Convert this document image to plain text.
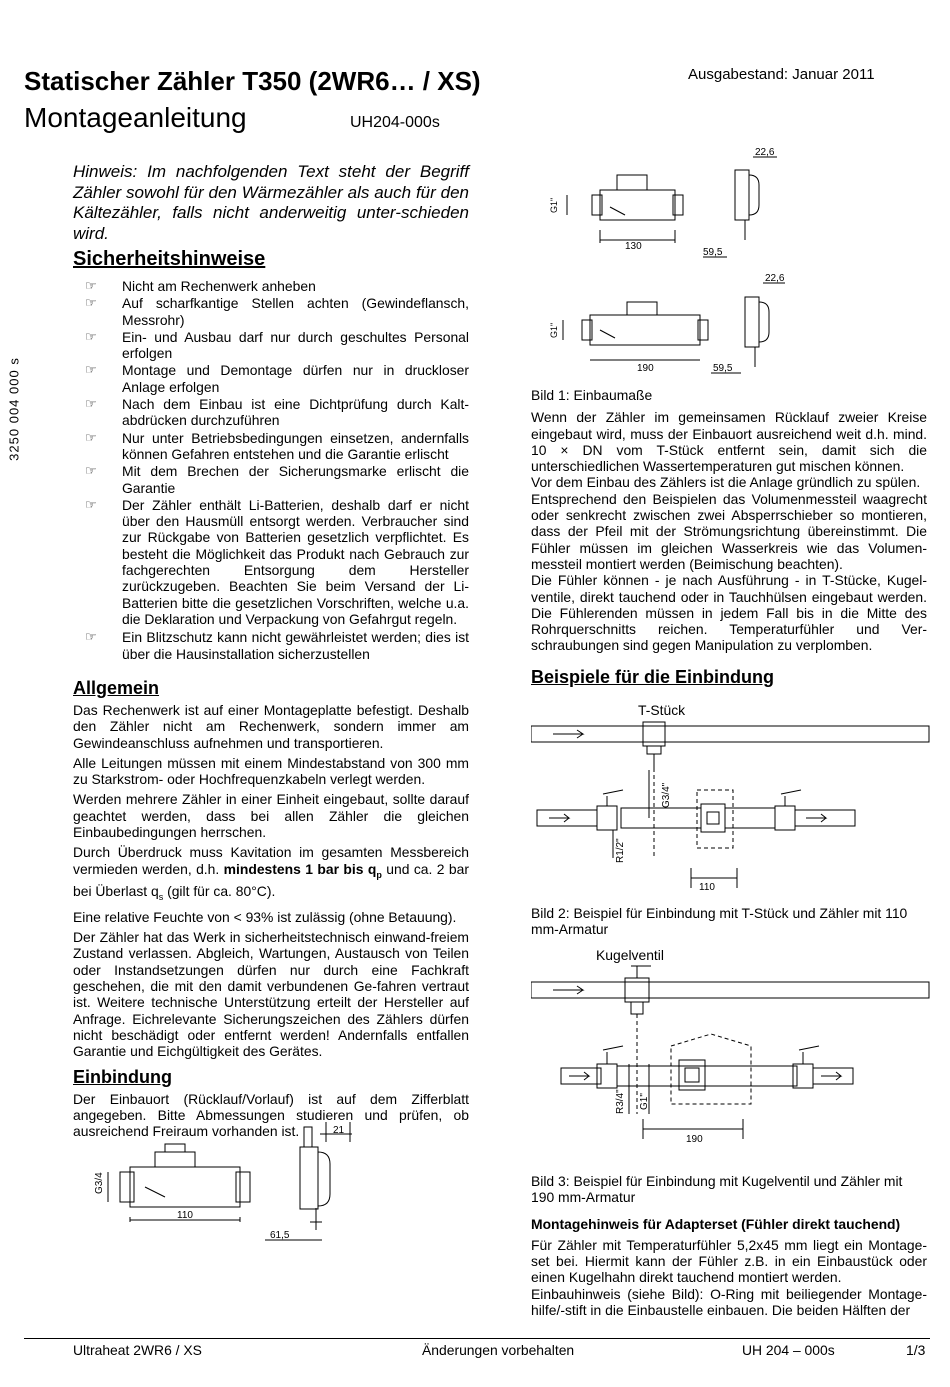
Statischer Zähler T350 (2WR6… / XS)
Montageanleitung	UH204-000s
Ausgabestand: Januar 2011
3250 004 000 s

Hinweis: Im nachfolgenden Text steht der Begriff Zähler sowohl für den Wärmezähler als auch für den Kältezähler, falls nicht anderweitig unter-schieden wird.

Sicherheitshinweise
☞ Nicht am Rechenwerk anheben
☞ Auf scharfkantige Stellen achten (Gewindeflansch, Messrohr)
☞ Ein- und Ausbau darf nur durch geschultes Personal erfolgen
☞ Montage und Demontage dürfen nur in druckloser Anlage erfolgen
☞ Nach dem Einbau ist eine Dichtprüfung durch Kalt-abdrücken durchzuführen
☞ Nur unter Betriebsbedingungen einsetzen, andernfalls können Gefahren entstehen und die Garantie erlischt
☞ Mit dem Brechen der Sicherungsmarke erlischt die Garantie
☞ Der Zähler enthält Li-Batterien, deshalb darf er nicht über den Hausmüll entsorgt werden. Verbraucher sind zur Rückgabe von Batterien gesetzlich verpflichtet. Es besteht die Möglichkeit das Produkt nach Gebrauch zur fachgerechten Entsorgung dem Hersteller zurückzugeben. Beachten Sie beim Versand der Li-Batterien bitte die gesetzlichen Vorschriften, welche u.a. die Deklaration und Verpackung von Gefahrgut regeln.
☞ Ein Blitzschutz kann nicht gewährleistet werden; dies ist über die Hausinstallation sicherzustellen
Allgemein

Das Rechenwerk ist auf einer Montageplatte befestigt. Deshalb den Zähler nicht am Rechenwerk, sondern immer am Gewindeanschluss aufnehmen und transportieren.

Alle Leitungen müssen mit einem Mindestabstand von 300 mm zu Starkstrom- oder Hochfrequenzkabeln verlegt werden.

Werden mehrere Zähler in einer Einheit eingebaut, sollte darauf geachtet werden, dass bei allen Zähler die gleichen Einbaubedingungen herrschen.

Durch Überdruck muss Kavitation im gesamten Messbereich vermieden werden, d.h. mindestens 1 bar bis $q_p$ und ca. 2 bar bei Überlast $q_s$ (gilt für ca. 80°C).

Eine relative Feuchte von < 93% ist zulässig (ohne Betauung).

Der Zähler hat das Werk in sicherheitstechnisch einwand-freiem Zustand verlassen. Abgleich, Wartungen, Austausch von Teilen oder Instandsetzungen dürfen nur durch eine Fachkraft geschehen, die mit den damit verbundenen Ge-fahren vertraut ist. Weitere technische Unterstützung erteilt der Hersteller auf Anfrage. Eichrelevante Sicherungszeichen des Zählers dürfen nicht beschädigt oder entfernt werden! Andernfalls entfallen Garantie und Eichgültigkeit des Gerätes.

Einbindung

Der Einbauort (Rücklauf/Vorlauf) ist auf dem Zifferblatt angegeben. Bitte Abmessungen studieren und prüfen, ob ausreichend Freiraum vorhanden ist.

110
G3/4
61,5
21
G1"
130
59,5
22,6
G1"
190	59,5
22,6

Bild 1: Einbaumaße

Wenn der Zähler im gemeinsamen Rücklauf zweier Kreise eingebaut wird, muss der Einbauort ausreichend weit d.h. mind. 10 × DN vom T-Stück entfernt sein, damit sich die unterschiedlichen Wassertemperaturen gut mischen können.

Vor dem Einbau des Zählers ist die Anlage gründlich zu spülen.

Entsprechend den Beispielen das Volumenmessteil waagrecht oder senkrecht zwischen zwei Absperrschieber so montieren, dass der Pfeil mit der Strömungsrichtung übereinstimmt. Die Fühler müssen im gleichen Wasserkreis wie das Volumen-messteil montiert werden (Beimischung beachten).

Die Fühler können - je nach Ausführung - in T-Stücke, Kugel-ventile, direkt tauchend oder in Tauchhülsen eingebaut werden. Die Fühlerenden müssen in jedem Fall bis in die Mitte des Rohrquerschnitts reichen. Temperaturfühler und Ver-schraubungen sind gegen Manipulation zu verplomben.

Beispiele für die Einbindung
T-Stück
G3/4"
R1/2"
110

Bild 2: Beispiel für Einbindung mit T-Stück und Zähler mit 110 mm-Armatur

Kugelventil
R3/4" G1"
190

Bild 3: Beispiel für Einbindung mit Kugelventil und Zähler mit 190 mm-Armatur

Montagehinweis für Adapterset (Fühler direkt tauchend)

Für Zähler mit Temperaturfühler 5,2x45 mm liegt ein Montage-set bei. Hiermit kann der Fühler z.B. in ein Einbaustück oder einen Kugelhahn direkt tauchend montiert werden.

Einbauhinweis (siehe Bild): O-Ring mit beiliegender Montage-hilfe/-stift in die Einbaustelle einbauen. Die beiden Hälften der

Ultraheat 2WR6 / XS	Änderungen vorbehalten	UH 204 – 000s	1/3
